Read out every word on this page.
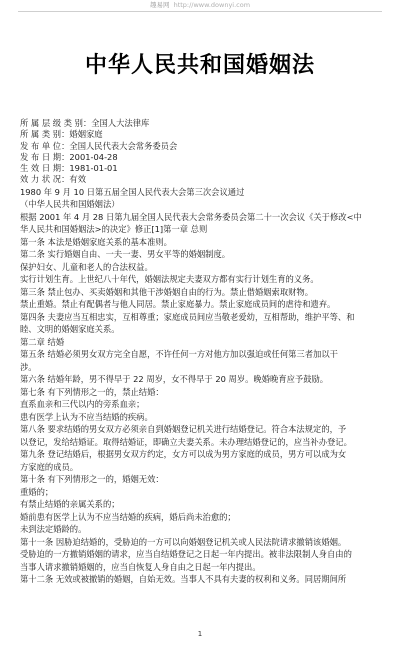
趣易网 http://www.downyi.com
中华人民共和国婚姻法
所 属 层 级 类 别：全国人大法律库
所 属 类 别：婚姻家庭
发 布 单 位：全国人民代表大会常务委员会
发 布 日 期：2001-04-28
生 效 日 期：1981-01-01
效 力 状 况：有效
1980 年 9 月 10 日第五届全国人民代表大会第三次会议通过
（中华人民共和国婚姻法）
根据 2001 年 4 月 28 日第九届全国人民代表大会常务委员会第二十一次会议《关于修改<中
华人民共和国婚姻法>的决定》修正[1]第一章 总则
第一条 本法是婚姻家庭关系的基本准则。
第二条 实行婚姻自由、一夫一妻、男女平等的婚姻制度。
保护妇女、儿童和老人的合法权益。
实行计划生育。上世纪八十年代，婚姻法规定夫妻双方都有实行计划生育的义务。
第三条 禁止包办、买卖婚姻和其他干涉婚姻自由的行为。禁止借婚姻索取财物。
禁止重婚。禁止有配偶者与他人同居。禁止家庭暴力。禁止家庭成员间的虐待和遗弃。
第四条 夫妻应当互相忠实，互相尊重；家庭成员间应当敬老爱幼，互相帮助，维护平等、和
睦、文明的婚姻家庭关系。
第二章 结婚
第五条 结婚必须男女双方完全自愿，不许任何一方对他方加以强迫或任何第三者加以干
涉。
第六条 结婚年龄，男不得早于 22 周岁，女不得早于 20 周岁。晚婚晚育应予鼓励。
第七条 有下列情形之一的，禁止结婚：
直系血亲和三代以内的旁系血亲；
患有医学上认为不应当结婚的疾病。
第八条 要求结婚的男女双方必须亲自到婚姻登记机关进行结婚登记。符合本法规定的，予
以登记，发给结婚证。取得结婚证，即确立夫妻关系。未办理结婚登记的，应当补办登记。
第九条 登记结婚后，根据男女双方约定，女方可以成为男方家庭的成员，男方可以成为女
方家庭的成员。
第十条 有下列情形之一的，婚姻无效：
重婚的；
有禁止结婚的亲属关系的；
婚前患有医学上认为不应当结婚的疾病，婚后尚未治愈的；
未到法定婚龄的。
第十一条 因胁迫结婚的，受胁迫的一方可以向婚姻登记机关或人民法院请求撤销该婚姻。
受胁迫的一方撤销婚姻的请求，应当自结婚登记之日起一年内提出。被非法限制人身自由的
当事人请求撤销婚姻的，应当自恢复人身自由之日起一年内提出。
第十二条 无效或被撤销的婚姻，自始无效。当事人不具有夫妻的权利和义务。同居期间所
1
